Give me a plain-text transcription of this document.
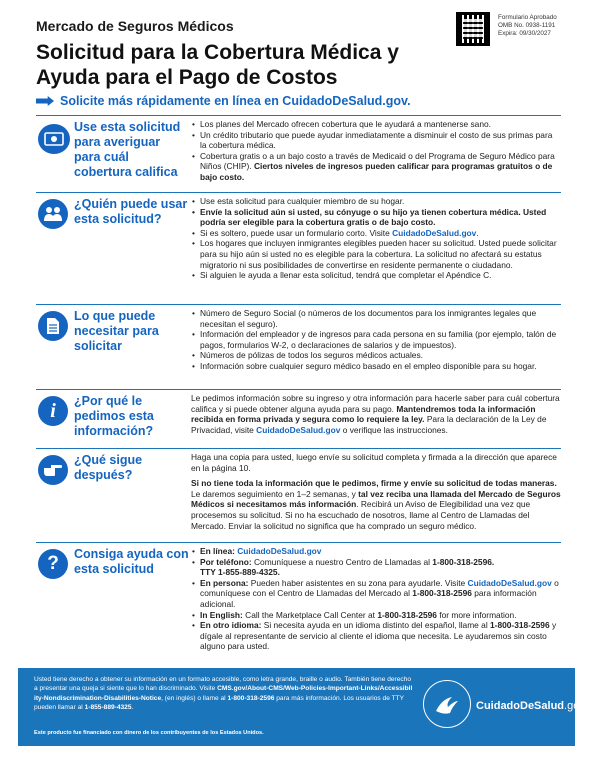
Mercado de Seguros Médicos
Solicitud para la Cobertura Médica y
Ayuda para el Pago de Costos
Formulario Aprobado
OMB No. 0938-1191
Expira: 09/30/2027
Solicite más rápidamente en línea en CuidadoDeSalud.gov.
Use esta solicitud para averiguar para cuál cobertura califica
• Los planes del Mercado ofrecen cobertura que le ayudará a mantenerse sano.
• Un crédito tributario que puede ayudar inmediatamente a disminuir el costo de sus primas para la cobertura médica.
• Cobertura gratis o a un bajo costo a través de Medicaid o del Programa de Seguro Médico para Niños (CHIP). Ciertos niveles de ingresos pueden calificar para programas gratuitos o de bajo costo.
¿Quién puede usar esta solicitud?
• Use esta solicitud para cualquier miembro de su hogar.
• Envíe la solicitud aún si usted, su cónyuge o su hijo ya tienen cobertura médica. Usted podría ser elegible para la cobertura gratis o de bajo costo.
• Si es soltero, puede usar un formulario corto. Visite CuidadoDeSalud.gov.
• Los hogares que incluyen inmigrantes elegibles pueden hacer su solicitud. Usted puede solicitar para su hijo aún si usted no es elegible para la cobertura. La solicitud no afectará su estatus migratorio ni sus posibilidades de convertirse en residente permanente o ciudadano.
• Si alguien le ayuda a llenar esta solicitud, tendrá que completar el Apéndice C.
Lo que puede necesitar para solicitar
• Número de Seguro Social (o números de los documentos para los inmigrantes legales que necesitan el seguro).
• Información del empleador y de ingresos para cada persona en su familia (por ejemplo, talón de pagos, formularios W-2, o declaraciones de salarios y de impuestos).
• Números de pólizas de todos los seguros médicos actuales.
• Información sobre cualquier seguro médico basado en el empleo disponible para su hogar.
i	¿Por qué le pedimos esta información?

Le pedimos información sobre su ingreso y otra información para hacerle saber para cuál cobertura califica y si puede obtener alguna ayuda para su pago. Mantendremos toda la información recibida en forma privada y segura como lo requiere la ley. Para la declaración de la Ley de Privacidad, visite CuidadoDeSalud.gov o verifique las instrucciones.

¿Qué sigue después?

Haga una copia para usted, luego envíe su solicitud completa y firmada a la dirección que aparece en la página 10.

Si no tiene toda la información que le pedimos, firme y envíe su solicitud de todas maneras. Le daremos seguimiento en 1–2 semanas, y tal vez reciba una llamada del Mercado de Seguros Médicos si necesitamos más información. Recibirá un Aviso de Elegibilidad una vez que procesemos su solicitud. Si no ha escuchado de nosotros, llame al Centro de Llamadas del Mercado. Enviar la solicitud no significa que ha comprado un seguro médico.

?	Consiga ayuda con esta solicitud
• En línea: CuidadoDeSalud.gov
• Por teléfono: Comuníquese a nuestro Centro de Llamadas al 1-800-318-2596.
TTY 1-855-889-4325.
• En persona: Pueden haber asistentes en su zona para ayudarle. Visite CuidadoDeSalud.gov o comuníquese con el Centro de Llamadas del Mercado al 1-800-318-2596 para información adicional.
• In English: Call the Marketplace Call Center at 1-800-318-2596 for more information.
• En otro idioma: Si necesita ayuda en un idioma distinto del español, llame al 1-800-318-2596 y dígale al representante de servicio al cliente el idioma que necesita. Le ayudaremos sin costo alguno para usted.
Usted tiene derecho a obtener su información en un formato accesible, como letra grande, braille o audio. También tiene derecho a presentar una queja si siente que lo han discriminado. Visite CMS.gov/About-CMS/Web-Policies-Important-Links/Accessibility-Nondiscrimination-Disabilities-Notice, (en inglés) o llame al 1-800-318-2596 para más información. Los usuarios de TTY pueden llamar al 1-855-889-4325.
Este producto fue financiado con dinero de los contribuyentes de los Estados Unidos.
CuidadoDeSalud.gov
